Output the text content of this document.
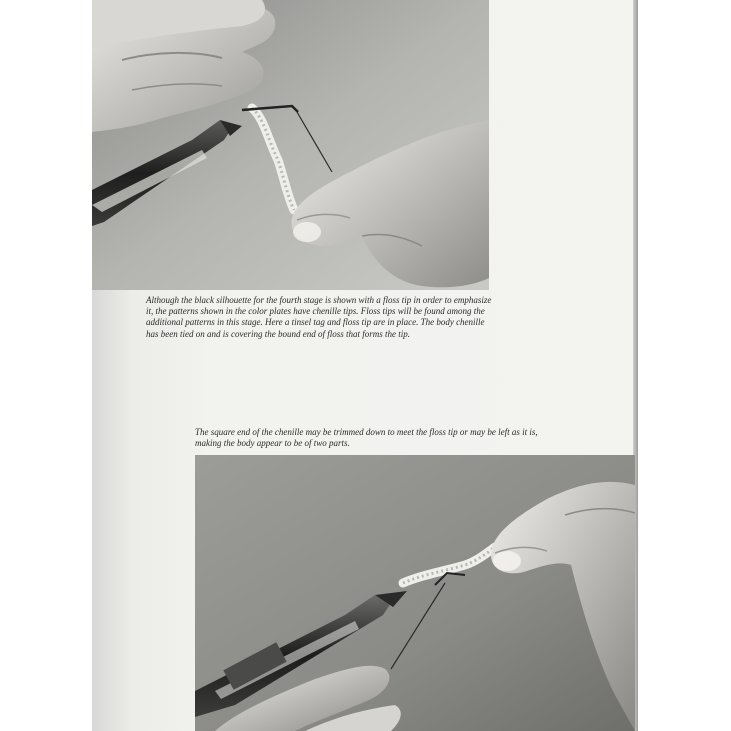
Although the black silhouette for the fourth stage is shown with a floss tip in order to emphasize it, the patterns shown in the color plates have chenille tips. Floss tips will be found among the additional patterns in this stage. Here a tinsel tag and floss tip are in place. The body chenille has been tied on and is covering the bound end of floss that forms the tip.

The square end of the chenille may be trimmed down to meet the floss tip or may be left as it is, making the body appear to be of two parts.
